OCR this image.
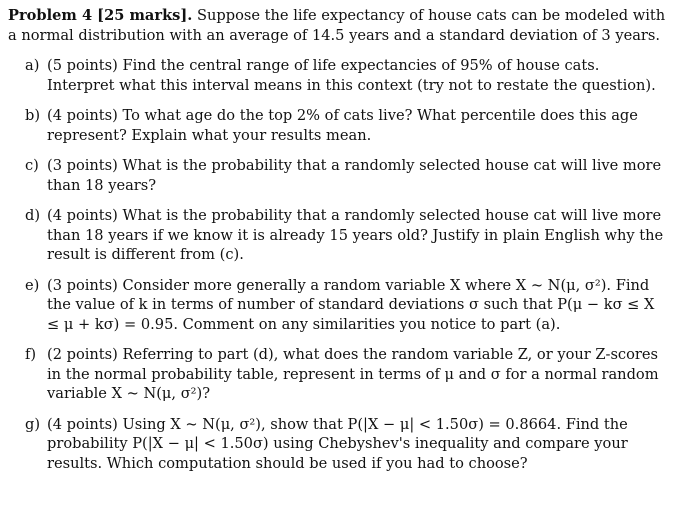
Problem 4 [25 marks]. Suppose the life expectancy of house cats can be modeled with a normal distribution with an average of 14.5 years and a standard deviation of 3 years.

a) (5 points) Find the central range of life expectancies of 95% of house cats. Interpret what this interval means in this context (try not to restate the question).
b) (4 points) To what age do the top 2% of cats live? What percentile does this age represent? Explain what your results mean.
c) (3 points) What is the probability that a randomly selected house cat will live more than 18 years?
d) (4 points) What is the probability that a randomly selected house cat will live more than 18 years if we know it is already 15 years old? Justify in plain English why the result is different from (c).
e) (3 points) Consider more generally a random variable X where X ~ N(μ, σ²). Find the value of k in terms of number of standard deviations σ such that P(μ − kσ ≤ X ≤ μ + kσ) = 0.95. Comment on any similarities you notice to part (a).
f) (2 points) Referring to part (d), what does the random variable Z, or your Z-scores in the normal probability table, represent in terms of μ and σ for a normal random variable X ~ N(μ, σ²)?
g) (4 points) Using X ~ N(μ, σ²), show that P(|X − μ| < 1.50σ) = 0.8664. Find the probability P(|X − μ| < 1.50σ) using Chebyshev's inequality and compare your results. Which computation should be used if you had to choose?
